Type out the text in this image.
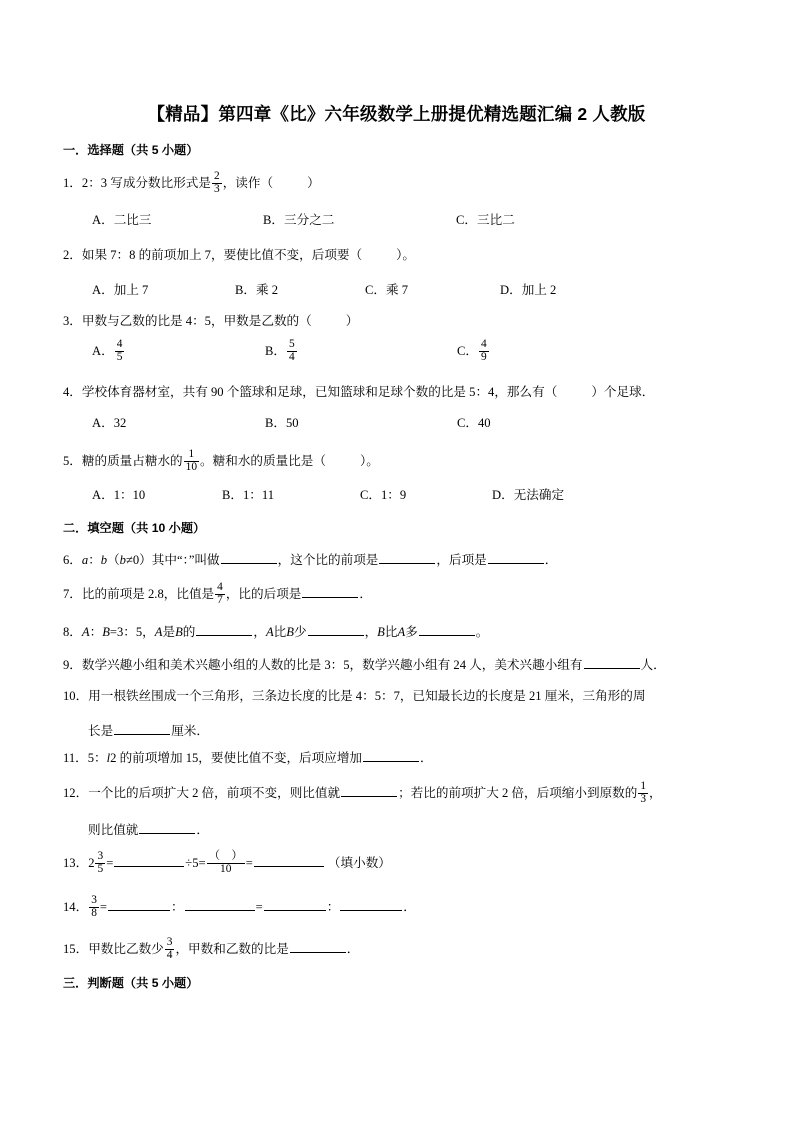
【精品】第四章《比》六年级数学上册提优精选题汇编 2 人教版
一．选择题（共 5 小题）
1．2：3 写成分数比形式是 $\frac{2}{3}$ ，读作（	）
A．二比三	B．三分之二	C．三比二
2．如果 7：8 的前项加上 7，要使比值不变，后项要（	）。
A．加上 7	B．乘 2	C．乘 7	D．加上 2
3．甲数与乙数的比是 4：5，甲数是乙数的（	）
A． $\frac{4}{5}$	B． $\frac{5}{4}$	C． $\frac{4}{9}$
4．学校体育器材室，共有 90 个篮球和足球，已知篮球和足球个数的比是 5：4，那么有（	）个足球．
A．32	B．50	C．40
5．糖的质量占糖水的 $\frac{1}{10}$ 。糖和水的质量比是（	）。
A．1：10	B．1：11	C．1：9	D．无法确定
二．填空题（共 10 小题）
6．a：b（b≠0）其中“：”叫做	，这个比的前项是	，后项是	．
7．比的前项是 2.8，比值是 $\frac{4}{7}$ ，比的后项是	．
8．A：B=3：5，A是B的	，A比B少	，B比A多	。
9．数学兴趣小组和美术兴趣小组的人数的比是 3：5，数学兴趣小组有 24 人，美术兴趣小组有	人．
10．用一根铁丝围成一个三角形，三条边长度的比是 4：5：7，已知最长边的长度是 21 厘米，三角形的周
长是	厘米．
11．5：l2 的前项增加 15，要使比值不变，后项应增加	．
12．一个比的后项扩大 2 倍，前项不变，则比值就	；若比的前项扩大 2 倍，后项缩小到原数的 $\frac{1}{3}$ ，
则比值就	．
13．$2 \frac{3}{5}$ =	$\div 5= \frac{( )}{10}$ =	（填小数）
14． $\frac{3}{8}$ =	：	=	：	．
15．甲数比乙数少 $\frac{3}{4}$ ，甲数和乙数的比是	．
三．判断题（共 5 小题）
